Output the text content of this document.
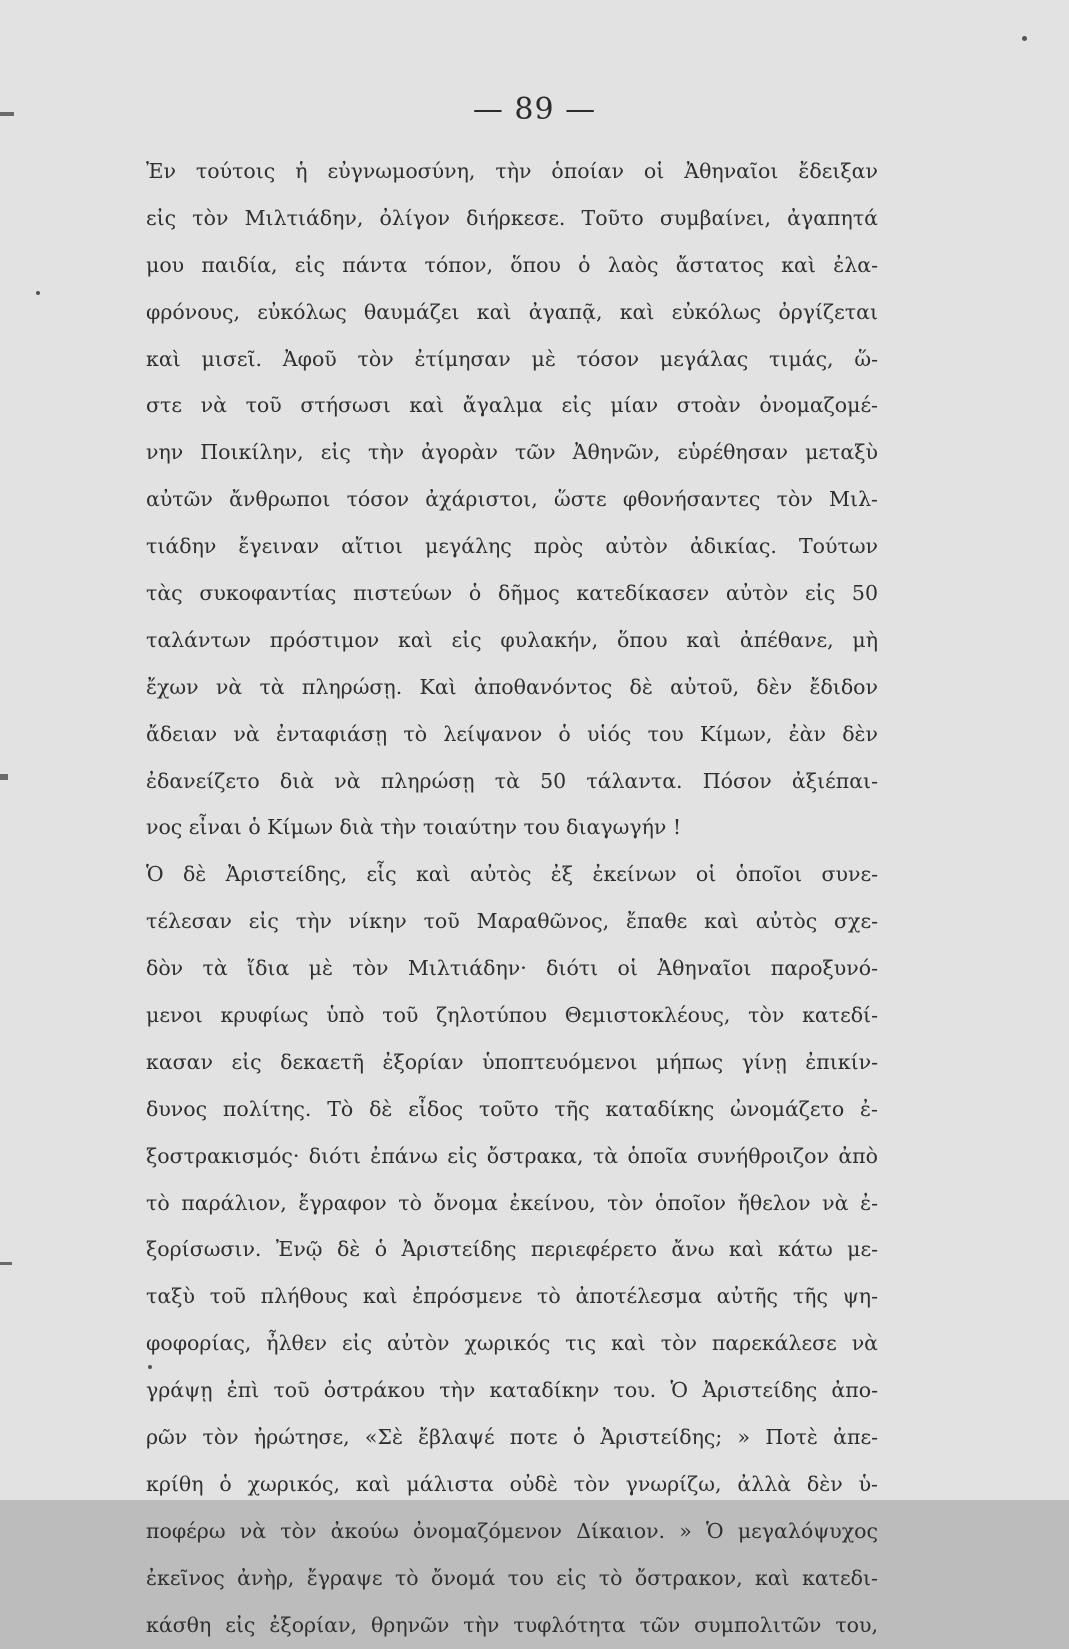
— 89 —
Ἐν τούτοις ἡ εὐγνωμοσύνη, τὴν ὁποίαν οἱ Ἀθηναῖοι ἔδειξαν
εἰς τὸν Μιλτιάδην, ὀλίγον διήρκεσε. Τοῦτο συμβαίνει, ἀγαπητά
μου παιδία, εἰς πάντα τόπον, ὅπου ὁ λαὸς ἄστατος καὶ ἐλα-
φρόνους, εὐκόλως θαυμάζει καὶ ἀγαπᾷ, καὶ εὐκόλως ὀργίζεται
καὶ μισεῖ. Ἀφοῦ τὸν ἐτίμησαν μὲ τόσον μεγάλας τιμάς, ὥ-
στε νὰ τοῦ στήσωσι καὶ ἄγαλμα εἰς μίαν στοὰν ὀνομαζομέ-
νην Ποικίλην, εἰς τὴν ἀγορὰν τῶν Ἀθηνῶν, εὑρέθησαν μεταξὺ
αὐτῶν ἄνθρωποι τόσον ἀχάριστοι, ὥστε φθονήσαντες τὸν Μιλ-
τιάδην ἔγειναν αἴτιοι μεγάλης πρὸς αὐτὸν ἀδικίας. Τούτων
τὰς συκοφαντίας πιστεύων ὁ δῆμος κατεδίκασεν αὐτὸν εἰς 50
ταλάντων πρόστιμον καὶ εἰς φυλακήν, ὅπου καὶ ἀπέθανε, μὴ
ἔχων νὰ τὰ πληρώσῃ. Καὶ ἀποθανόντος δὲ αὐτοῦ, δὲν ἔδιδον
ἄδειαν νὰ ἐνταφιάσῃ τὸ λείψανον ὁ υἱός του Κίμων, ἐὰν δὲν
ἐδανείζετο διὰ νὰ πληρώσῃ τὰ 50 τάλαντα. Πόσον ἀξιέπαι-
νος εἶναι ὁ Κίμων διὰ τὴν τοιαύτην του διαγωγήν !
Ὁ δὲ Ἀριστείδης, εἷς καὶ αὐτὸς ἐξ ἐκείνων οἱ ὁποῖοι συνε-
τέλεσαν εἰς τὴν νίκην τοῦ Μαραθῶνος, ἔπαθε καὶ αὐτὸς σχε-
δὸν τὰ ἴδια μὲ τὸν Μιλτιάδην· διότι οἱ Ἀθηναῖοι παροξυνό-
μενοι κρυφίως ὑπὸ τοῦ ζηλοτύπου Θεμιστοκλέους, τὸν κατεδί-
κασαν εἰς δεκαετῆ ἐξορίαν ὑποπτευόμενοι μήπως γίνῃ ἐπικίν-
δυνος πολίτης. Τὸ δὲ εἶδος τοῦτο τῆς καταδίκης ὠνομάζετο ἐ-
ξοστρακισμός· διότι ἐπάνω εἰς ὄστρακα, τὰ ὁποῖα συνήθροιζον ἀπὸ
τὸ παράλιον, ἔγραφον τὸ ὄνομα ἐκείνου, τὸν ὁποῖον ἤθελον νὰ ἐ-
ξορίσωσιν. Ἐνῷ δὲ ὁ Ἀριστείδης περιεφέρετο ἄνω καὶ κάτω με-
ταξὺ τοῦ πλήθους καὶ ἐπρόσμενε τὸ ἀποτέλεσμα αὐτῆς τῆς ψη-
φοφορίας, ἦλθεν εἰς αὐτὸν χωρικός τις καὶ τὸν παρεκάλεσε νὰ
γράψῃ ἐπὶ τοῦ ὀστράκου τὴν καταδίκην του. Ὁ Ἀριστείδης ἀπο-
ρῶν τὸν ἠρώτησε, «Σὲ ἔβλαψέ ποτε ὁ Ἀριστείδης; » Ποτὲ ἀπε-
κρίθη ὁ χωρικός, καὶ μάλιστα οὐδὲ τὸν γνωρίζω, ἀλλὰ δὲν ὑ-
ποφέρω νὰ τὸν ἀκούω ὀνομαζόμενον Δίκαιον. » Ὁ μεγαλόψυχος
ἐκεῖνος ἀνὴρ, ἔγραψε τὸ ὄνομά του εἰς τὸ ὄστρακον, καὶ κατεδι-
κάσθη εἰς ἐξορίαν, θρηνῶν τὴν τυφλότητα τῶν συμπολιτῶν του,
